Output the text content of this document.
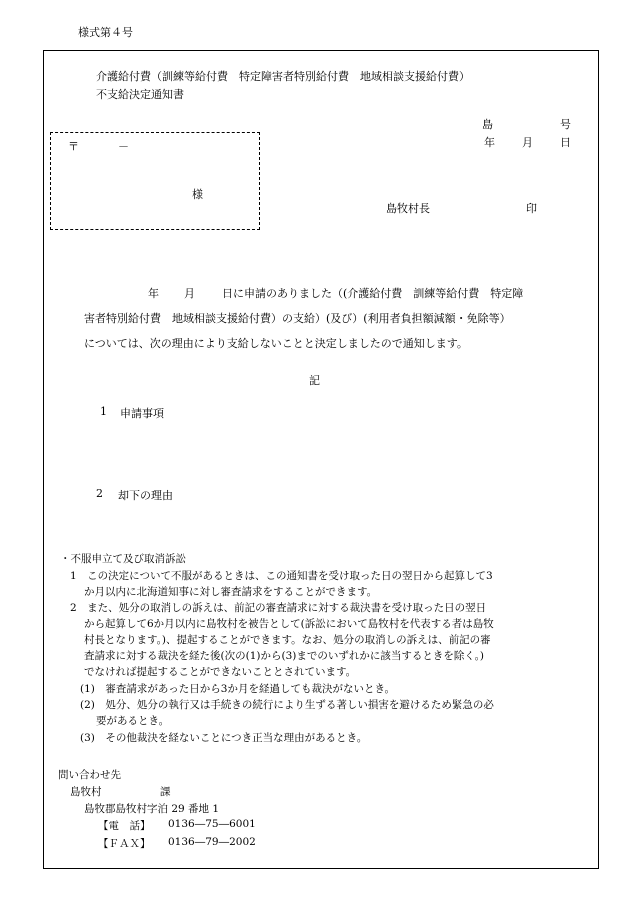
様式第４号
介護給付費（訓練等給付費　特定障害者特別給付費　地域相談支援給付費）
不支給決定通知書
島	号
年 月 日
〒	－
様
島牧村長	印
年 月 日に申請のありました（(介護給付費　訓練等給付費　特定障
害者特別給付費　地域相談支援給付費）の支給）(及び）(利用者負担額減額・免除等）
については、次の理由により支給しないことと決定しましたので通知します。
記
1 申請事項
2 却下の理由
・不服申立て及び取消訴訟
1　この決定について不服があるときは、この通知書を受け取った日の翌日から起算して3
か月以内に北海道知事に対し審査請求をすることができます。
2　また、処分の取消しの訴えは、前記の審査請求に対する裁決書を受け取った日の翌日
から起算して6か月以内に島牧村を被告として(訴訟において島牧村を代表する者は島牧
村長となります。)、提起することができます。なお、処分の取消しの訴えは、前記の審
査請求に対する裁決を経た後(次の(1)から(3)までのいずれかに該当するときを除く。)
でなければ提起することができないこととされています。
(1)　審査請求があった日から3か月を経過しても裁決がないとき。
(2)　処分、処分の執行又は手続きの続行により生ずる著しい損害を避けるため緊急の必
要があるとき。
(3)　その他裁決を経ないことにつき正当な理由があるとき。
問い合わせ先
島牧村	課
島牧郡島牧村字泊 29 番地 1
【電　話】 0136―75―6001
【ＦＡＸ】 0136―79―2002
